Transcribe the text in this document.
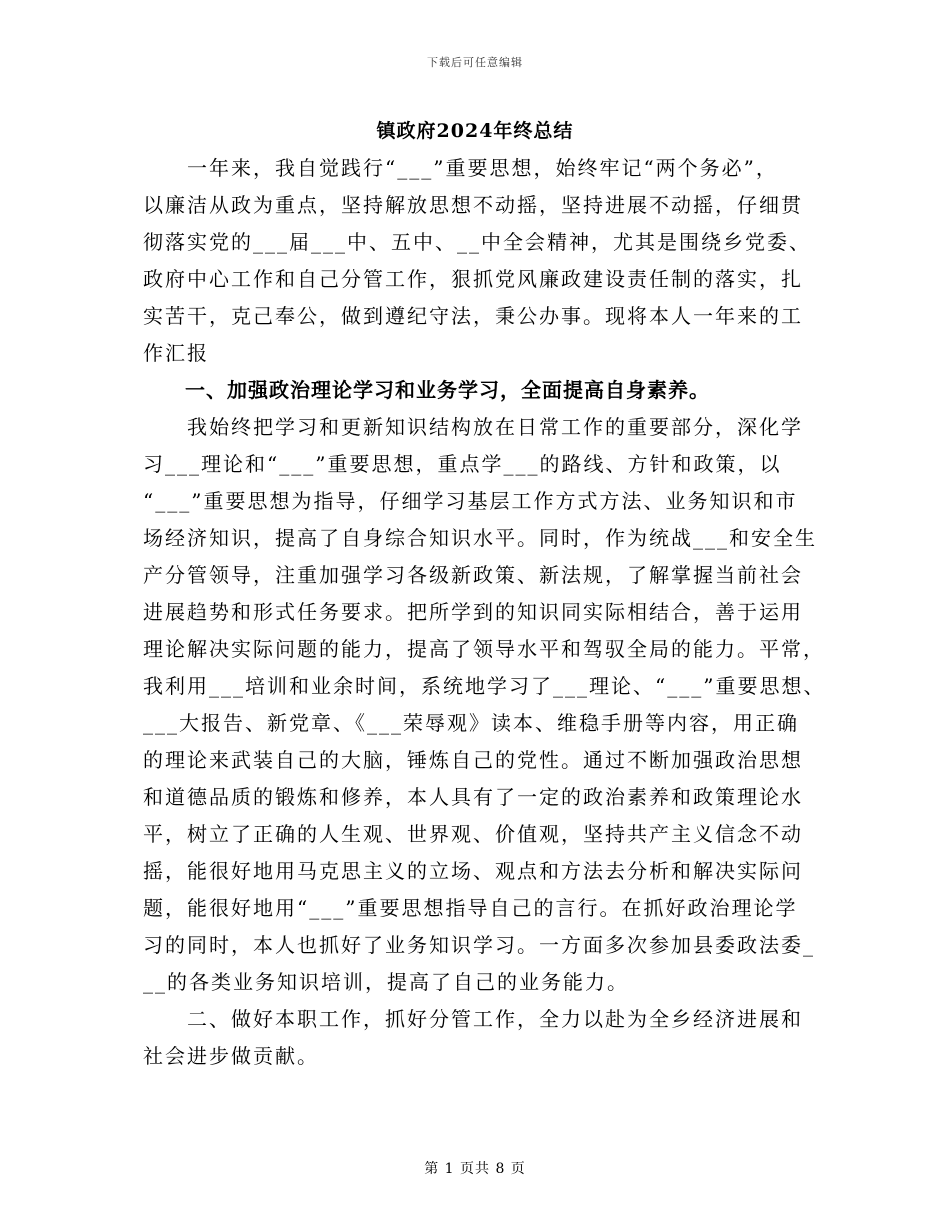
下载后可任意编辑
镇政府2024年终总结
　　一年来，我自觉践行“___”重要思想，始终牢记“两个务必”，
以廉洁从政为重点，坚持解放思想不动摇，坚持进展不动摇，仔细贯
彻落实党的___届___中、五中、__中全会精神，尤其是围绕乡党委、
政府中心工作和自己分管工作，狠抓党风廉政建设责任制的落实，扎
实苦干，克己奉公，做到遵纪守法，秉公办事。现将本人一年来的工
作汇报
　　一、加强政治理论学习和业务学习，全面提高自身素养。
　　我始终把学习和更新知识结构放在日常工作的重要部分，深化学
习___理论和“___”重要思想，重点学___的路线、方针和政策，以
“___”重要思想为指导，仔细学习基层工作方式方法、业务知识和市
场经济知识，提高了自身综合知识水平。同时，作为统战___和安全生
产分管领导，注重加强学习各级新政策、新法规，了解掌握当前社会
进展趋势和形式任务要求。把所学到的知识同实际相结合，善于运用
理论解决实际问题的能力，提高了领导水平和驾驭全局的能力。平常，
我利用___培训和业余时间，系统地学习了___理论、“___”重要思想、
___大报告、新党章、《___荣辱观》读本、维稳手册等内容，用正确
的理论来武装自己的大脑，锤炼自己的党性。通过不断加强政治思想
和道德品质的锻炼和修养，本人具有了一定的政治素养和政策理论水
平，树立了正确的人生观、世界观、价值观，坚持共产主义信念不动
摇，能很好地用马克思主义的立场、观点和方法去分析和解决实际问
题，能很好地用“___”重要思想指导自己的言行。在抓好政治理论学
习的同时，本人也抓好了业务知识学习。一方面多次参加县委政法委_
__的各类业务知识培训，提高了自己的业务能力。
　　二、做好本职工作，抓好分管工作，全力以赴为全乡经济进展和
社会进步做贡献。
第 1 页共 8 页
